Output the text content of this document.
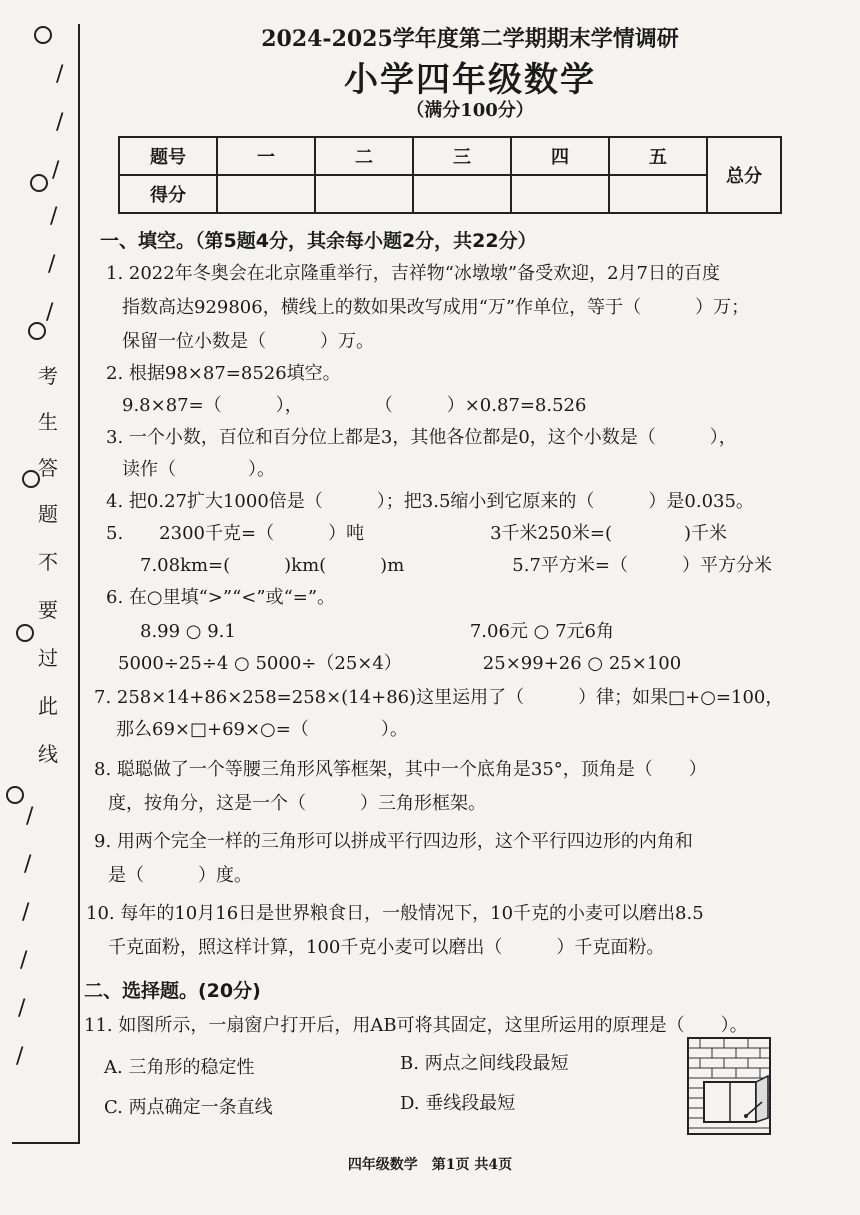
/
/
/
/
/
/
考
生
答
题
不
要
过
此
线
/
/
/
/
/
/
2024-2025学年度第二学期期末学情调研
小学四年级数学
（满分100分）
题号	一	二	三	四	五	总分
得分						
一、填空。（第5题4分，其余每小题2分，共22分）
1. 2022年冬奥会在北京隆重举行，吉祥物“冰墩墩”备受欢迎，2月7日的百度
指数高达929806，横线上的数如果改写成用“万”作单位，等于（　　　）万；
保留一位小数是（　　　）万。
2. 根据98×87=8526填空。
9.8×87=（　　　），　　　　　（　　　）×0.87=8.526
3. 一个小数，百位和百分位上都是3，其他各位都是0，这个小数是（　　　），
读作（　　　　）。
4. 把0.27扩大1000倍是（　　　）；把3.5缩小到它原来的（　　　）是0.035。
5.　　2300千克=（　　　）吨　　　　　　　3千米250米=(　　　　)千米
7.08km=(　　　)km(　　　)m　　　　　　5.7平方米=（　　　）平方分米
6. 在○里填“>”“<”或“=”。
8.99 ○ 9.1　　　　　　　　　　　　　7.06元 ○ 7元6角
5000÷25÷4 ○ 5000÷（25×4）　　　　　25×99+26 ○ 25×100
7. 258×14+86×258=258×(14+86)这里运用了（　　　）律；如果□+○=100，
那么69×□+69×○=（　　　　）。
8. 聪聪做了一个等腰三角形风筝框架，其中一个底角是35°，顶角是（　　）
度，按角分，这是一个（　　　）三角形框架。
9. 用两个完全一样的三角形可以拼成平行四边形，这个平行四边形的内角和
是（　　　）度。
10. 每年的10月16日是世界粮食日，一般情况下，10千克的小麦可以磨出8.5
千克面粉，照这样计算，100千克小麦可以磨出（　　　）千克面粉。
二、选择题。(20分)
11. 如图所示，一扇窗户打开后，用AB可将其固定，这里所运用的原理是（　　）。
A. 三角形的稳定性	B. 两点之间线段最短
C. 两点确定一条直线	D. 垂线段最短
四年级数学　第1页 共4页
